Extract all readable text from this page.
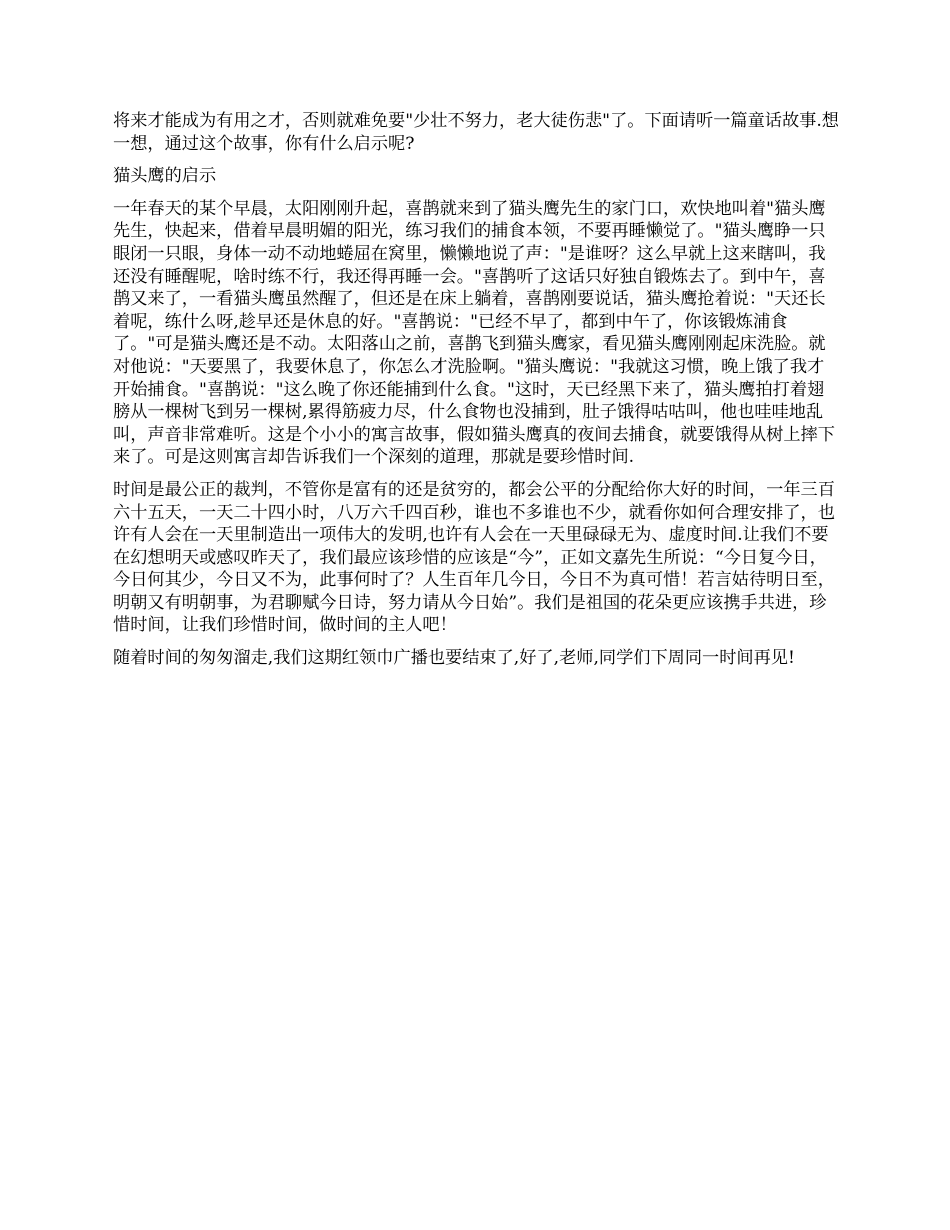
将来才能成为有用之才，否则就难免要"少壮不努力，老大徒伤悲"了。下面请听一篇童话故事.想一想，通过这个故事，你有什么启示呢?

猫头鹰的启示

一年春天的某个早晨，太阳刚刚升起，喜鹊就来到了猫头鹰先生的家门口，欢快地叫着"猫头鹰先生，快起来，借着早晨明媚的阳光，练习我们的捕食本领，不要再睡懒觉了。"猫头鹰睁一只眼闭一只眼，身体一动不动地蜷屈在窝里，懒懒地说了声："是谁呀？这么早就上这来瞎叫，我还没有睡醒呢，啥时练不行，我还得再睡一会。"喜鹊听了这话只好独自锻炼去了。到中午，喜鹊又来了，一看猫头鹰虽然醒了，但还是在床上躺着，喜鹊刚要说话，猫头鹰抢着说："天还长着呢，练什么呀,趁早还是休息的好。"喜鹊说："已经不早了，都到中午了，你该锻炼浦食了。"可是猫头鹰还是不动。太阳落山之前，喜鹊飞到猫头鹰家，看见猫头鹰刚刚起床洗脸。就对他说："天要黑了，我要休息了，你怎么才洗脸啊。"猫头鹰说："我就这习惯，晚上饿了我才开始捕食。"喜鹊说："这么晚了你还能捕到什么食。"这时，天已经黑下来了，猫头鹰拍打着翅膀从一棵树飞到另一棵树,累得筋疲力尽，什么食物也没捕到，肚子饿得咕咕叫，他也哇哇地乱叫，声音非常难听。这是个小小的寓言故事，假如猫头鹰真的夜间去捕食，就要饿得从树上摔下来了。可是这则寓言却告诉我们一个深刻的道理，那就是要珍惜时间.

时间是最公正的裁判，不管你是富有的还是贫穷的，都会公平的分配给你大好的时间，一年三百六十五天，一天二十四小时，八万六千四百秒，谁也不多谁也不少，就看你如何合理安排了，也许有人会在一天里制造出一项伟大的发明,也许有人会在一天里碌碌无为、虚度时间.让我们不要在幻想明天或感叹昨天了，我们最应该珍惜的应该是“今”，正如文嘉先生所说：“今日复今日，今日何其少，今日又不为，此事何时了？人生百年几今日，今日不为真可惜！若言姑待明日至，明朝又有明朝事，为君聊赋今日诗，努力请从今日始”。我们是祖国的花朵更应该携手共进，珍惜时间，让我们珍惜时间，做时间的主人吧！

随着时间的匆匆溜走,我们这期红领巾广播也要结束了,好了,老师,同学们下周同一时间再见!
